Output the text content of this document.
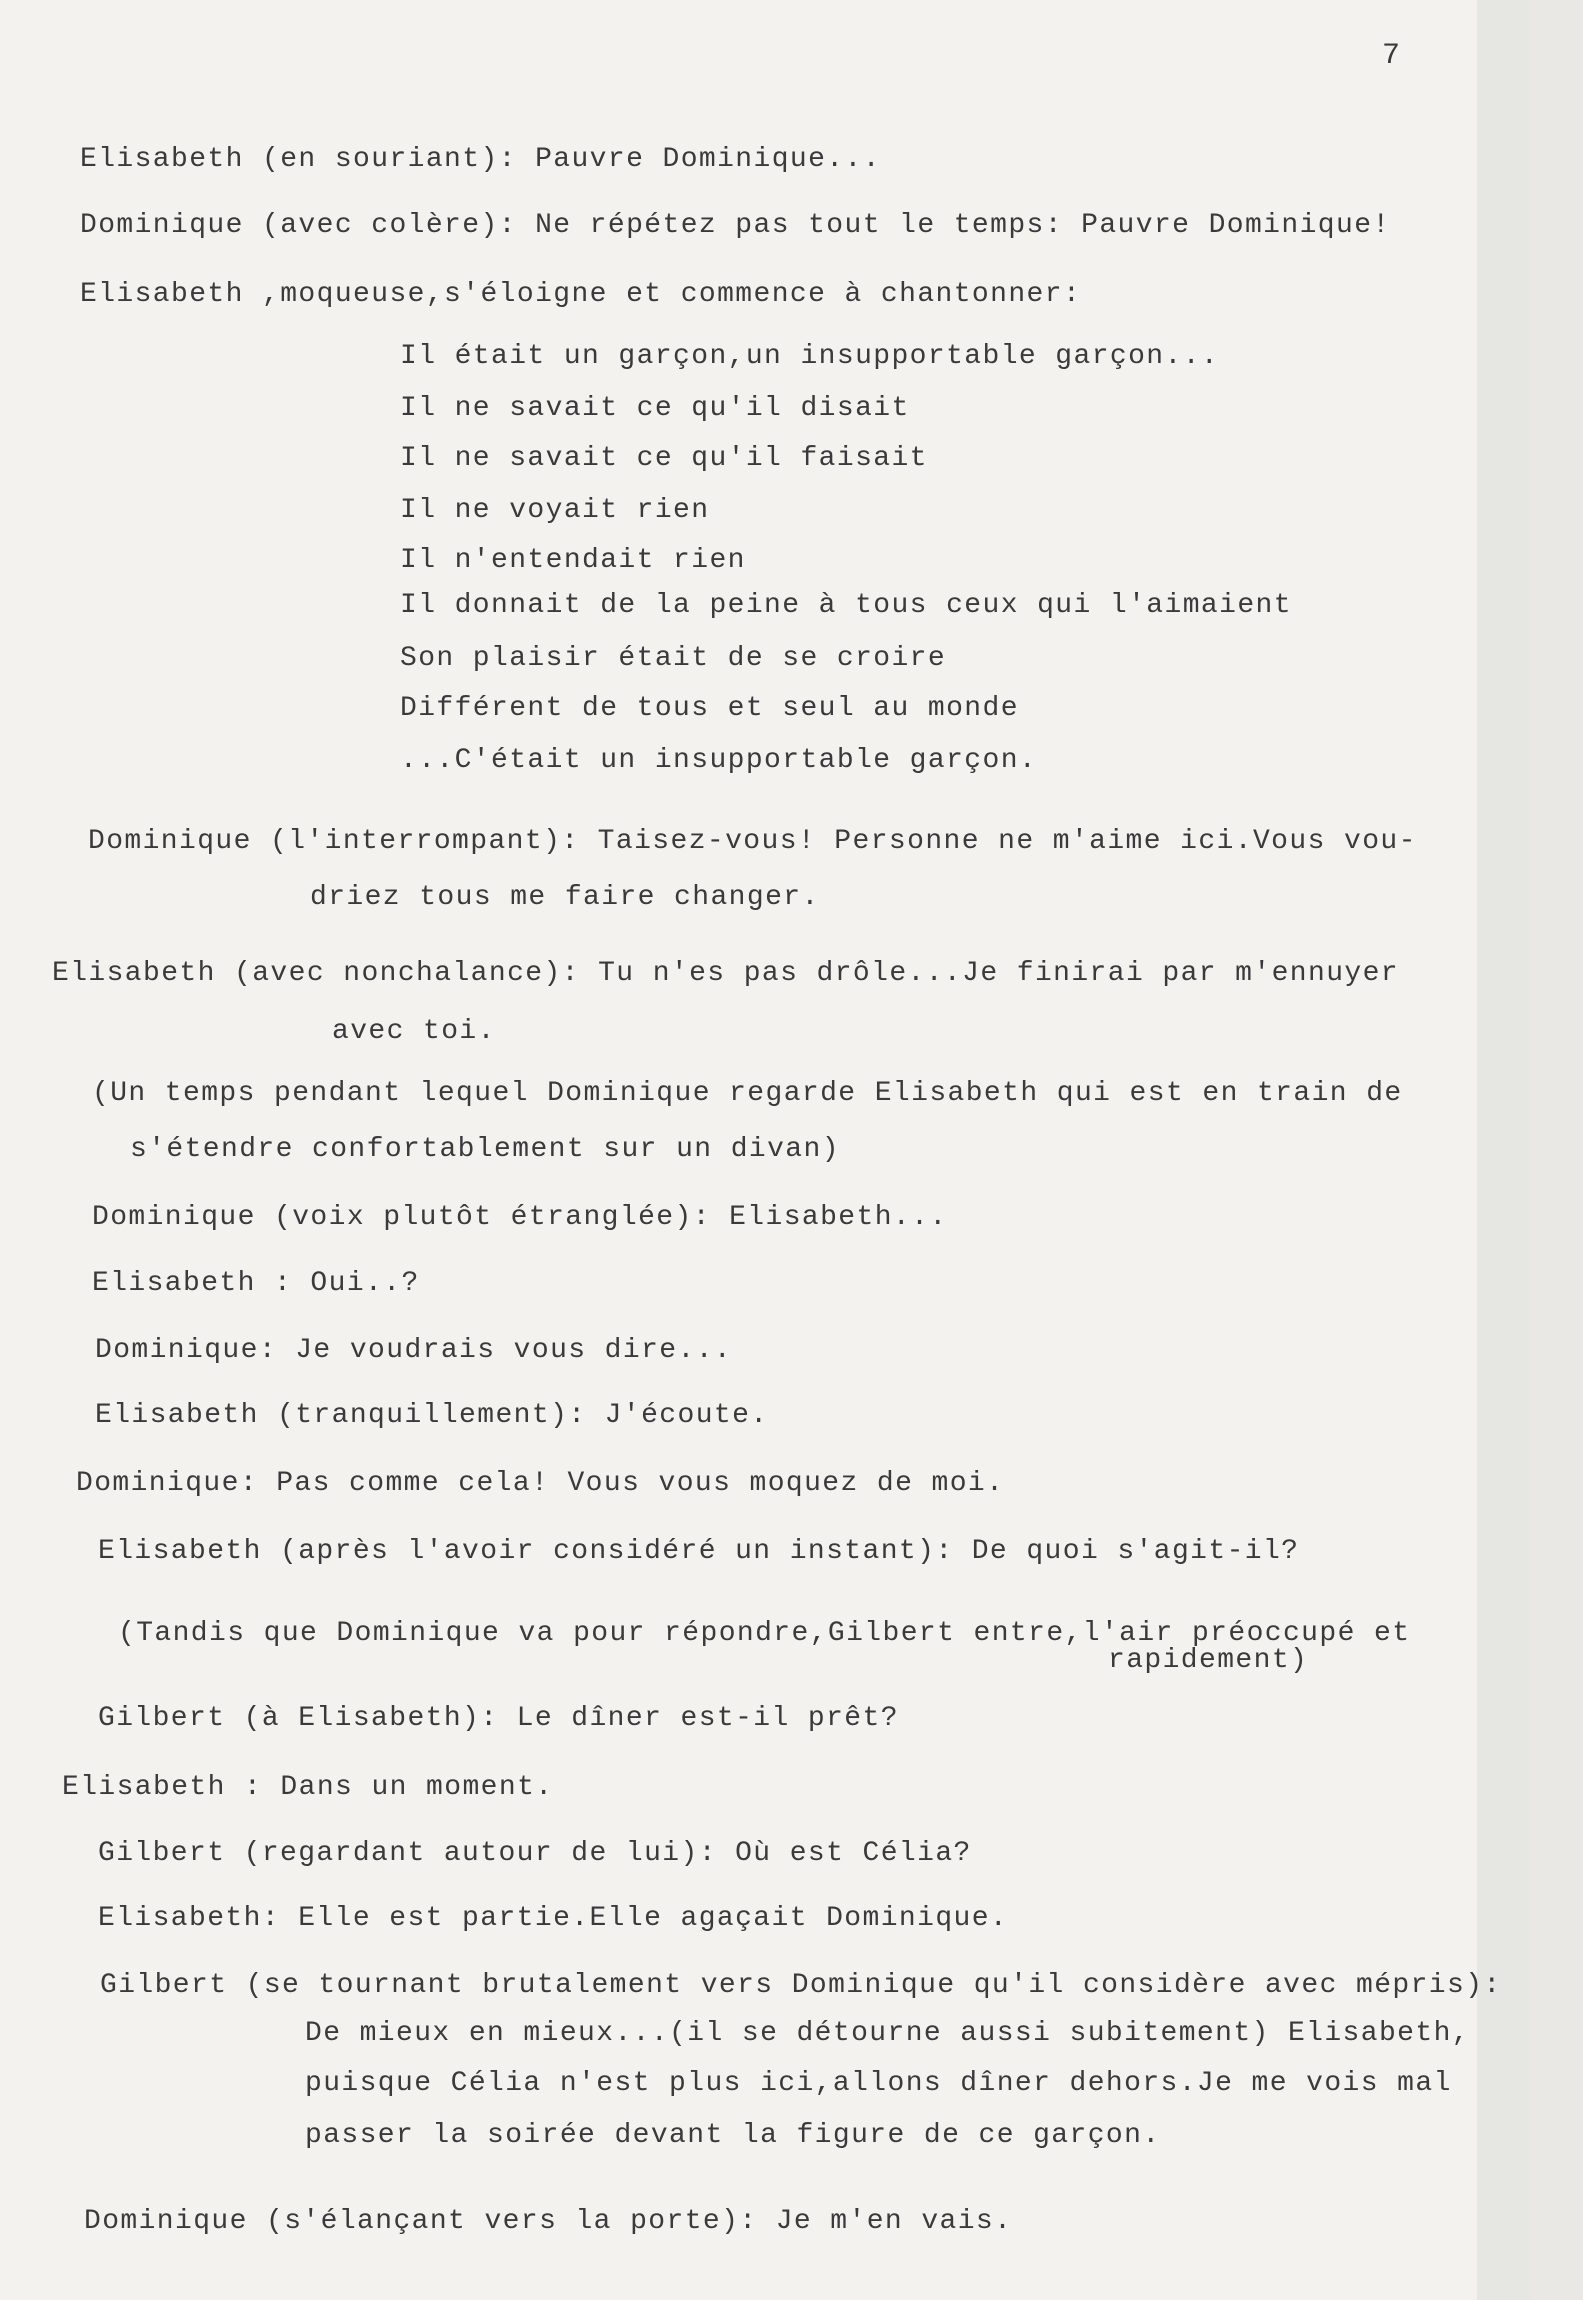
7
Elisabeth (en souriant): Pauvre Dominique...
Dominique (avec colère): Ne répétez pas tout le temps: Pauvre Dominique!
Elisabeth ,moqueuse,s'éloigne et commence à chantonner:
Il était un garçon,un insupportable garçon...
Il ne savait ce qu'il disait
Il ne savait ce qu'il faisait
Il ne voyait rien
Il n'entendait rien
Il donnait de la peine à tous ceux qui l'aimaient
Son plaisir était de se croire
Différent de tous et seul au monde
...C'était un insupportable garçon.
Dominique (l'interrompant): Taisez-vous! Personne ne m'aime ici.Vous vou-
driez tous me faire changer.
Elisabeth (avec nonchalance): Tu n'es pas drôle...Je finirai par m'ennuyer
avec toi.
(Un temps pendant lequel Dominique regarde Elisabeth qui est en train de
s'étendre confortablement sur un divan)
Dominique (voix plutôt étranglée): Elisabeth...
Elisabeth : Oui..?
Dominique: Je voudrais vous dire...
Elisabeth (tranquillement): J'écoute.
Dominique: Pas comme cela! Vous vous moquez de moi.
Elisabeth (après l'avoir considéré un instant): De quoi s'agit-il?
(Tandis que Dominique va pour répondre,Gilbert entre,l'air préoccupé et
rapidement)
Gilbert (à Elisabeth): Le dîner est-il prêt?
Elisabeth : Dans un moment.
Gilbert (regardant autour de lui): Où est Célia?
Elisabeth: Elle est partie.Elle agaçait Dominique.
Gilbert (se tournant brutalement vers Dominique qu'il considère avec mépris):
De mieux en mieux...(il se détourne aussi subitement) Elisabeth,
puisque Célia n'est plus ici,allons dîner dehors.Je me vois mal
passer la soirée devant la figure de ce garçon.
Dominique (s'élançant vers la porte): Je m'en vais.
